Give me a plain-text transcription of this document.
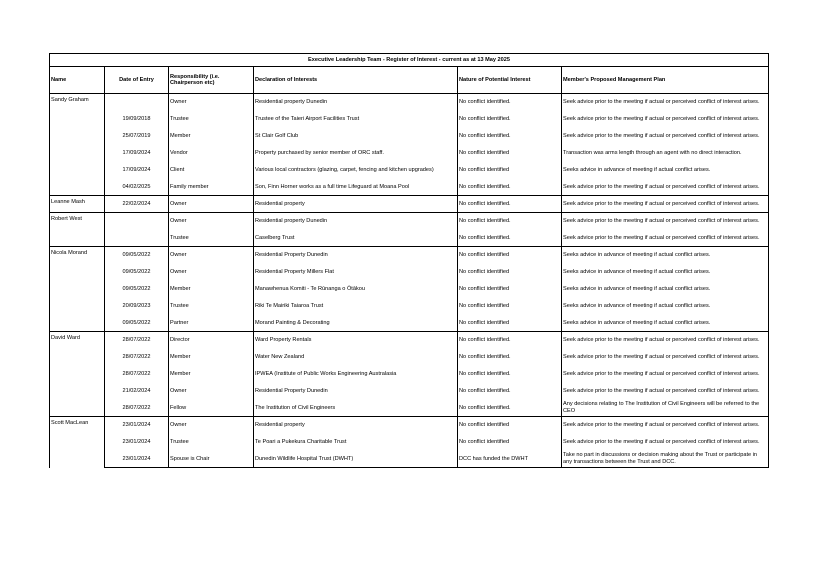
Executive Leadership Team - Register of Interest - current as at 13 May 2025					
Name	Date of Entry	Responsibility (i.e. Chairperson etc)	Declaration of Interests	Nature of Potential Interest	Member's Proposed Management Plan
Sandy Graham		Owner	Residential property Dunedin	No conflict identified.	Seek advice prior to the meeting if actual or perceived conflict of interest arises.
	19/09/2018	Trustee	Trustee of the Taieri Airport Facilities Trust	No conflict identified.	Seek advice prior to the meeting if actual or perceived conflict of interest arises.
	25/07/2019	Member	St Clair Golf Club	No conflict identified.	Seek advice prior to the meeting if actual or perceived conflict of interest arises.
	17/09/2024	Vendor	Property purchased by senior member of ORC staff.	No conflict identified	Transaction was arms length through an agent with no direct interaction.
	17/09/2024	Client	Various local contractors (glazing, carpet, fencing and kitchen upgrades)	No conflict identified	Seeks advice in advance of meeting if actual conflict arises.
	04/02/2025	Family member	Son, Finn Horner works as a full time Lifeguard at Moana Pool	No conflict identified.	Seek advice prior to the meeting if actual or perceived conflict of interest arises.
Leanne Mash	22/02/2024	Owner	Residential property	No conflict identified.	Seek advice prior to the meeting if actual or perceived conflict of interest arises.
Robert West		Owner	Residential property Dunedin	No conflict identified.	Seek advice prior to the meeting if actual or perceived conflict of interest arises.
		Trustee	Caselberg Trust	No conflict identified.	Seek advice prior to the meeting if actual or perceived conflict of interest arises.
Nicola Morand	09/05/2022	Owner	Residential Property Dunedin	No conflict identified	Seeks advice in advance of meeting if actual conflict arises.
	09/05/2022	Owner	Residential Property Millers Flat	No conflict identified	Seeks advice in advance of meeting if actual conflict arises.
	09/05/2022	Member	Manawhenua Komiti - Te Rūnanga o Ōtākou	No conflict identified	Seeks advice in advance of meeting if actual conflict arises.
	20/09/2023	Trustee	Riki Te Mairiki Taiaroa Trust	No conflict identified	Seeks advice in advance of meeting if actual conflict arises.
	09/05/2022	Partner	Morand Painting & Decorating	No conflict identified	Seeks advice in advance of meeting if actual conflict arises.
David Ward	28/07/2022	Director	Ward Property Rentals	No conflict identified.	Seek advice prior to the meeting if actual or perceived conflict of interest arises.
	28/07/2022	Member	Water New Zealand	No conflict identified.	Seek advice prior to the meeting if actual or perceived conflict of interest arises.
	28/07/2022	Member	IPWEA (Institute of Public Works Engineering Australasia	No conflict identified.	Seek advice prior to the meeting if actual or perceived conflict of interest arises.
	21/02/2024	Owner	Residential Property Dunedin	No conflict identified.	Seek advice prior to the meeting if actual or perceived conflict of interest arises.
	28/07/2022	Fellow	The Institution of Civil Engineers	No conflict identified.	Any decisions relating to The Institution of Civil Engineers will be referred to the CEO
Scott MacLean	23/01/2024	Owner	Residential property	No conflict identified	Seek advice prior to the meeting if actual or perceived conflict of interest arises.
	23/01/2024	Trustee	Te Poari a Pukekura Charitable Trust	No conflict identified	Seek advice prior to the meeting if actual or perceived conflict of interest arises.
	23/01/2024	Spouse is Chair	Dunedin Wildlife Hospital Trust (DWHT)	DCC has funded the DWHT	Take no part in discussions or decision making about the Trust or participate in any transactions between the Trust and DCC.
